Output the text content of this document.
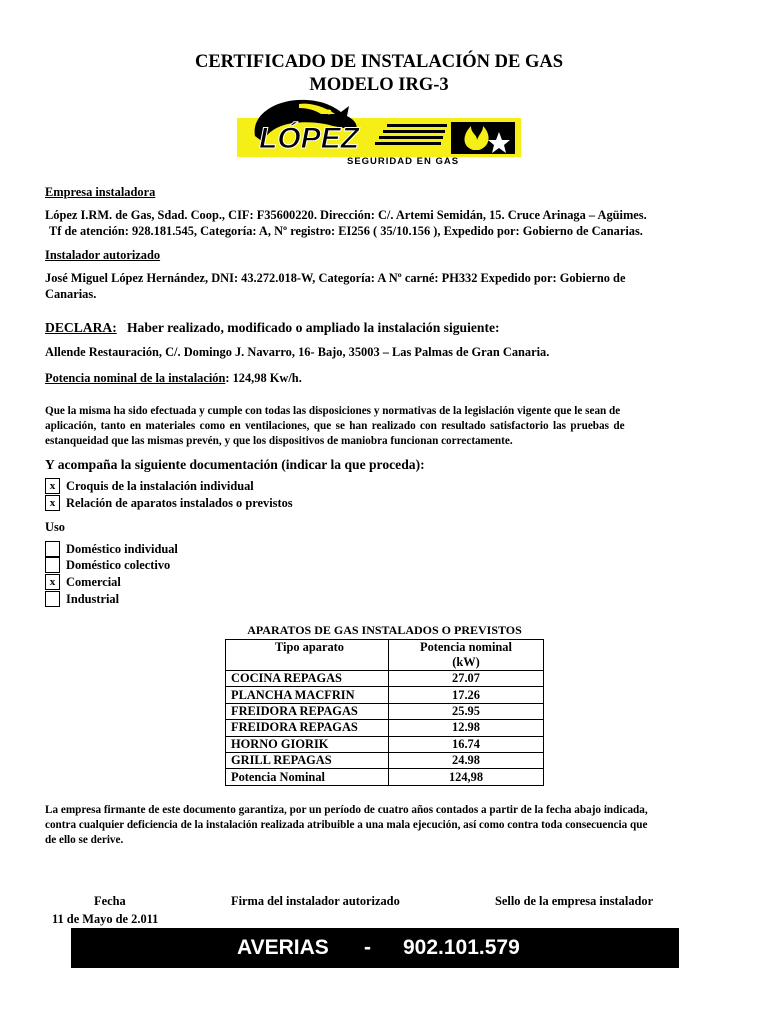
CERTIFICADO DE INSTALACIÓN DE GAS
MODELO IRG-3
LÓPEZ
SEGURIDAD EN GAS
Empresa instaladora
López I.RM. de Gas, Sdad. Coop., CIF: F35600220. Dirección: C/. Artemi Semidán, 15. Cruce Arinaga – Agüimes.
Tf de atención: 928.181.545, Categoría: A, Nº registro: EI256 ( 35/10.156 ), Expedido por: Gobierno de Canarias.
Instalador autorizado
José Miguel López Hernández, DNI: 43.272.018-W, Categoría: A Nº carné: PH332 Expedido por: Gobierno de
Canarias.
DECLARA: Haber realizado, modificado o ampliado la instalación siguiente:
Allende Restauración, C/. Domingo J. Navarro, 16- Bajo, 35003 – Las Palmas de Gran Canaria.
Potencia nominal de la instalación: 124,98 Kw/h.
Que la misma ha sido efectuada y cumple con todas las disposiciones y normativas de la legislación vigente que le sean de
aplicación, tanto en materiales como en ventilaciones, que se han realizado con resultado satisfactorio las pruebas de
estanqueidad que las mismas prevén, y que los dispositivos de maniobra funcionan correctamente.
Y acompaña la siguiente documentación (indicar la que proceda):
x Croquis de la instalación individual
x Relación de aparatos instalados o previstos
Uso
Doméstico individual
Doméstico colectivo
x Comercial
Industrial
APARATOS DE GAS INSTALADOS O PREVISTOS
Tipo aparato	Potencia nominal
(kW)

COCINA REPAGAS	27.07
PLANCHA MACFRIN	17.26
FREIDORA REPAGAS	25.95
FREIDORA REPAGAS	12.98
HORNO GIORIK	16.74
GRILL REPAGAS	24.98
Potencia Nominal	124,98
La empresa firmante de este documento garantiza, por un período de cuatro años contados a partir de la fecha abajo indicada,
contra cualquier deficiencia de la instalación realizada atribuible a una mala ejecución, así como contra toda consecuencia que
de ello se derive.
Fecha
11 de Mayo de 2.011
Firma del instalador autorizado	Sello de la empresa instalador
AVERIAS - 902.101.579
